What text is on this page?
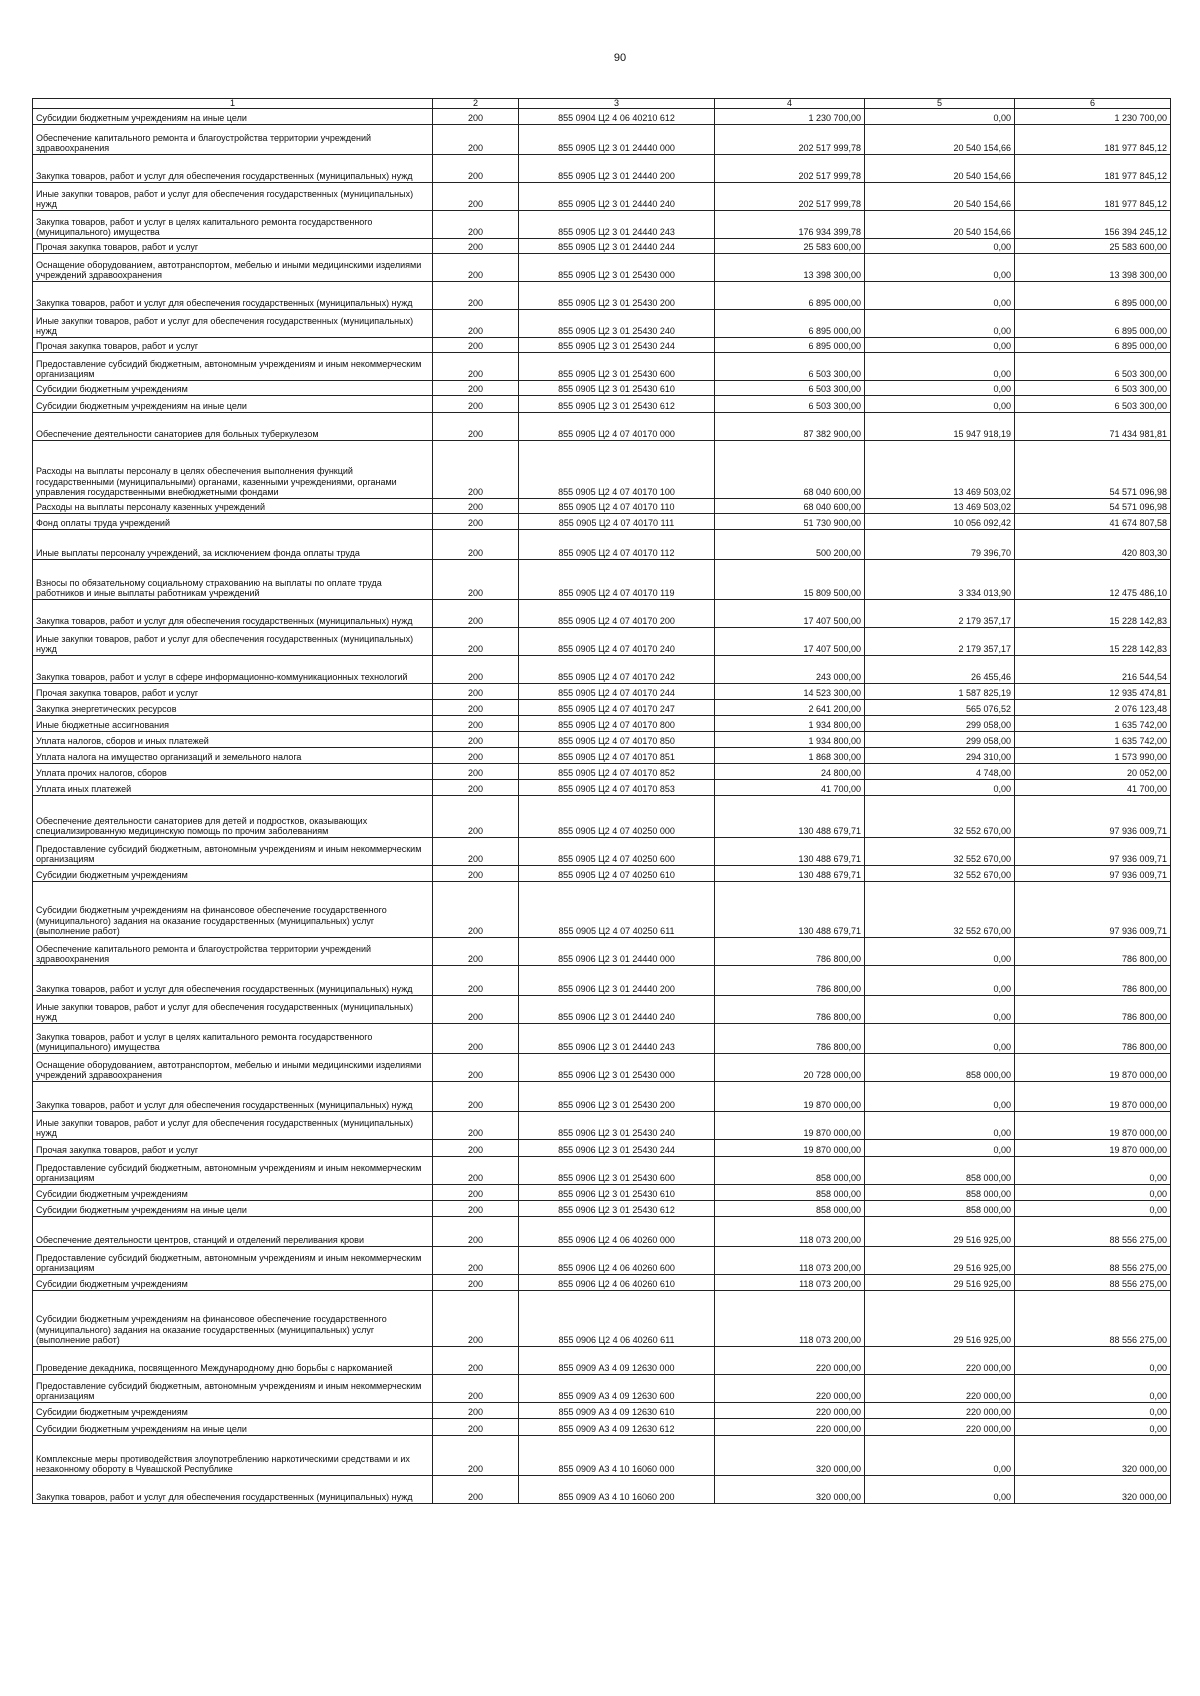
90
1	2	3	4	5	6
Субсидии бюджетным учреждениям на иные цели	200	855 0904 Ц2 4 06 40210 612	1 230 700,00	0,00	1 230 700,00
Обеспечение капитального ремонта и благоустройства территории учреждений здравоохранения	200	855 0905 Ц2 3 01 24440 000	202 517 999,78	20 540 154,66	181 977 845,12
Закупка товаров, работ и услуг для обеспечения государственных (муниципальных) нужд	200	855 0905 Ц2 3 01 24440 200	202 517 999,78	20 540 154,66	181 977 845,12
Иные закупки товаров, работ и услуг для обеспечения государственных (муниципальных) нужд	200	855 0905 Ц2 3 01 24440 240	202 517 999,78	20 540 154,66	181 977 845,12
Закупка товаров, работ и услуг в целях капитального ремонта государственного (муниципального) имущества	200	855 0905 Ц2 3 01 24440 243	176 934 399,78	20 540 154,66	156 394 245,12
Прочая закупка товаров, работ и услуг	200	855 0905 Ц2 3 01 24440 244	25 583 600,00	0,00	25 583 600,00
Оснащение оборудованием, автотранспортом, мебелью и иными медицинскими изделиями учреждений здравоохранения	200	855 0905 Ц2 3 01 25430 000	13 398 300,00	0,00	13 398 300,00
Закупка товаров, работ и услуг для обеспечения государственных (муниципальных) нужд	200	855 0905 Ц2 3 01 25430 200	6 895 000,00	0,00	6 895 000,00
Иные закупки товаров, работ и услуг для обеспечения государственных (муниципальных) нужд	200	855 0905 Ц2 3 01 25430 240	6 895 000,00	0,00	6 895 000,00
Прочая закупка товаров, работ и услуг	200	855 0905 Ц2 3 01 25430 244	6 895 000,00	0,00	6 895 000,00
Предоставление субсидий бюджетным, автономным учреждениям и иным некоммерческим организациям	200	855 0905 Ц2 3 01 25430 600	6 503 300,00	0,00	6 503 300,00
Субсидии бюджетным учреждениям	200	855 0905 Ц2 3 01 25430 610	6 503 300,00	0,00	6 503 300,00
Субсидии бюджетным учреждениям на иные цели	200	855 0905 Ц2 3 01 25430 612	6 503 300,00	0,00	6 503 300,00
Обеспечение деятельности санаториев для больных туберкулезом	200	855 0905 Ц2 4 07 40170 000	87 382 900,00	15 947 918,19	71 434 981,81
Расходы на выплаты персоналу в целях обеспечения выполнения функций государственными (муниципальными) органами, казенными учреждениями, органами управления государственными внебюджетными фондами	200	855 0905 Ц2 4 07 40170 100	68 040 600,00	13 469 503,02	54 571 096,98
Расходы на выплаты персоналу казенных учреждений	200	855 0905 Ц2 4 07 40170 110	68 040 600,00	13 469 503,02	54 571 096,98
Фонд оплаты труда учреждений	200	855 0905 Ц2 4 07 40170 111	51 730 900,00	10 056 092,42	41 674 807,58
Иные выплаты персоналу учреждений, за исключением фонда оплаты труда	200	855 0905 Ц2 4 07 40170 112	500 200,00	79 396,70	420 803,30
Взносы по обязательному социальному страхованию на выплаты по оплате труда работников и иные выплаты работникам учреждений	200	855 0905 Ц2 4 07 40170 119	15 809 500,00	3 334 013,90	12 475 486,10
Закупка товаров, работ и услуг для обеспечения государственных (муниципальных) нужд	200	855 0905 Ц2 4 07 40170 200	17 407 500,00	2 179 357,17	15 228 142,83
Иные закупки товаров, работ и услуг для обеспечения государственных (муниципальных) нужд	200	855 0905 Ц2 4 07 40170 240	17 407 500,00	2 179 357,17	15 228 142,83
Закупка товаров, работ и услуг в сфере информационно-коммуникационных технологий	200	855 0905 Ц2 4 07 40170 242	243 000,00	26 455,46	216 544,54
Прочая закупка товаров, работ и услуг	200	855 0905 Ц2 4 07 40170 244	14 523 300,00	1 587 825,19	12 935 474,81
Закупка энергетических ресурсов	200	855 0905 Ц2 4 07 40170 247	2 641 200,00	565 076,52	2 076 123,48
Иные бюджетные ассигнования	200	855 0905 Ц2 4 07 40170 800	1 934 800,00	299 058,00	1 635 742,00
Уплата налогов, сборов и иных платежей	200	855 0905 Ц2 4 07 40170 850	1 934 800,00	299 058,00	1 635 742,00
Уплата налога на имущество организаций и земельного налога	200	855 0905 Ц2 4 07 40170 851	1 868 300,00	294 310,00	1 573 990,00
Уплата прочих налогов, сборов	200	855 0905 Ц2 4 07 40170 852	24 800,00	4 748,00	20 052,00
Уплата иных платежей	200	855 0905 Ц2 4 07 40170 853	41 700,00	0,00	41 700,00
Обеспечение деятельности санаториев для детей и подростков, оказывающих специализированную медицинскую помощь по прочим заболеваниям	200	855 0905 Ц2 4 07 40250 000	130 488 679,71	32 552 670,00	97 936 009,71
Предоставление субсидий бюджетным, автономным учреждениям и иным некоммерческим организациям	200	855 0905 Ц2 4 07 40250 600	130 488 679,71	32 552 670,00	97 936 009,71
Субсидии бюджетным учреждениям	200	855 0905 Ц2 4 07 40250 610	130 488 679,71	32 552 670,00	97 936 009,71
Субсидии бюджетным учреждениям на финансовое обеспечение государственного (муниципального) задания на оказание государственных (муниципальных) услуг (выполнение работ)	200	855 0905 Ц2 4 07 40250 611	130 488 679,71	32 552 670,00	97 936 009,71
Обеспечение капитального ремонта и благоустройства территории учреждений здравоохранения	200	855 0906 Ц2 3 01 24440 000	786 800,00	0,00	786 800,00
Закупка товаров, работ и услуг для обеспечения государственных (муниципальных) нужд	200	855 0906 Ц2 3 01 24440 200	786 800,00	0,00	786 800,00
Иные закупки товаров, работ и услуг для обеспечения государственных (муниципальных) нужд	200	855 0906 Ц2 3 01 24440 240	786 800,00	0,00	786 800,00
Закупка товаров, работ и услуг в целях капитального ремонта государственного (муниципального) имущества	200	855 0906 Ц2 3 01 24440 243	786 800,00	0,00	786 800,00
Оснащение оборудованием, автотранспортом, мебелью и иными медицинскими изделиями учреждений здравоохранения	200	855 0906 Ц2 3 01 25430 000	20 728 000,00	858 000,00	19 870 000,00
Закупка товаров, работ и услуг для обеспечения государственных (муниципальных) нужд	200	855 0906 Ц2 3 01 25430 200	19 870 000,00	0,00	19 870 000,00
Иные закупки товаров, работ и услуг для обеспечения государственных (муниципальных) нужд	200	855 0906 Ц2 3 01 25430 240	19 870 000,00	0,00	19 870 000,00
Прочая закупка товаров, работ и услуг	200	855 0906 Ц2 3 01 25430 244	19 870 000,00	0,00	19 870 000,00
Предоставление субсидий бюджетным, автономным учреждениям и иным некоммерческим организациям	200	855 0906 Ц2 3 01 25430 600	858 000,00	858 000,00	0,00
Субсидии бюджетным учреждениям	200	855 0906 Ц2 3 01 25430 610	858 000,00	858 000,00	0,00
Субсидии бюджетным учреждениям на иные цели	200	855 0906 Ц2 3 01 25430 612	858 000,00	858 000,00	0,00
Обеспечение деятельности центров, станций и отделений переливания крови	200	855 0906 Ц2 4 06 40260 000	118 073 200,00	29 516 925,00	88 556 275,00
Предоставление субсидий бюджетным, автономным учреждениям и иным некоммерческим организациям	200	855 0906 Ц2 4 06 40260 600	118 073 200,00	29 516 925,00	88 556 275,00
Субсидии бюджетным учреждениям	200	855 0906 Ц2 4 06 40260 610	118 073 200,00	29 516 925,00	88 556 275,00
Субсидии бюджетным учреждениям на финансовое обеспечение государственного (муниципального) задания на оказание государственных (муниципальных) услуг (выполнение работ)	200	855 0906 Ц2 4 06 40260 611	118 073 200,00	29 516 925,00	88 556 275,00
Проведение декадника, посвященного Международному дню борьбы с наркоманией	200	855 0909 А3 4 09 12630 000	220 000,00	220 000,00	0,00
Предоставление субсидий бюджетным, автономным учреждениям и иным некоммерческим организациям	200	855 0909 А3 4 09 12630 600	220 000,00	220 000,00	0,00
Субсидии бюджетным учреждениям	200	855 0909 А3 4 09 12630 610	220 000,00	220 000,00	0,00
Субсидии бюджетным учреждениям на иные цели	200	855 0909 А3 4 09 12630 612	220 000,00	220 000,00	0,00
Комплексные меры противодействия злоупотреблению наркотическими средствами и их незаконному обороту в Чувашской Республике	200	855 0909 А3 4 10 16060 000	320 000,00	0,00	320 000,00
Закупка товаров, работ и услуг для обеспечения государственных (муниципальных) нужд	200	855 0909 А3 4 10 16060 200	320 000,00	0,00	320 000,00
